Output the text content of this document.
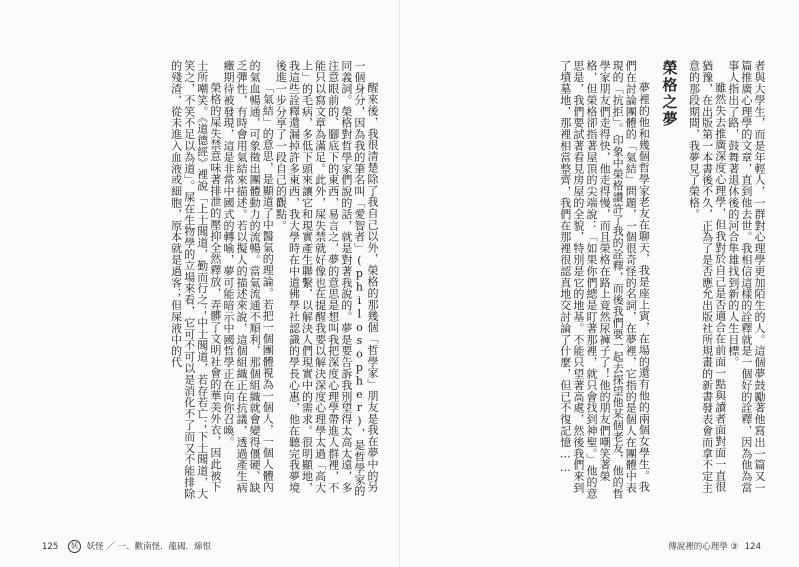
醒來後，我很清楚除了我自己以外，榮格的那幾個「哲學家」朋友是我在夢中的另一個身分，因為我的筆名叫「愛智者」(philosopher)，是哲學家的同義詞。榮格對哲學家們說的話，就是對著我說的。夢是要告訴我別望得太高太遠，多注意眼前的、腳底下的東西，易言之，夢的意思是想叫我把深度心理學帶進人群裡，不能只以寫文章為滿足。此外，屎失禁就好像也在提醒我要以解決深度心理學太過「高大上」的毛病，多低下頭來讓它和現實產生聯繫，以解決人們現實中的需求。很明顯地，我這些詮釋還漏掉許多東西，我大學時在中道佛學社認識的學長心惠，他在聽完我夢境後進一步分享了一段自己的觀點。

「氣結」的意思，是顯道了中醫氣的理論。若把一個團體視為一個人，一個人體內的氣血暢通，可象徵出團體動力的流暢。當氣流通不順利，那個組織就會變得僵硬、缺乏彈性，有時會用氣結來描述。若以擬人的描述來說，這個組織正在抗議，透過產生病癥期待被發現，這是非常中國式的轉喻，夢可能暗示中國哲學正在向你召喚。

榮格的屎失禁意味著排泄的壓抑全然釋放，弄髒了文明社會的華美外衣，因此被下士所嘲笑。《道德經》裡說「上士聞道，勤而行之；中士聞道，若存若亡；下士聞道，大笑之，不笑不足以為道」。屎在生物學的立場來看，它可不可以是消化不了而又不能排除的殘渣，從未進入血液或細胞，原本就是過客；但屎液中的代

125 妖 妖怪 ／ 一、歡南怪．龍碣．綿恨

者與大學生，而是年輕人，一群對心理學更加陌生的人。這個夢鼓勵著他寫出一篇又一篇推廣心理學的文章，直到他去世。我相信這樣的詮釋就是一個好的詮釋，因為他為當事人指出了路，鼓舞著退休後的河合隼雄找到新的人生目標。

雖然失去推廣深度心理學，但我對於自己是否適合在前面一點與讀者面對面一直很猶豫，在出版第一本書後不久，正為了是否應允出版社所規畫的新書發表會而拿不定主意的那段期間，我夢見了榮格。

榮格之夢

夢裡的他和幾個哲學家老友在聊天，我是座上賓，在場的還有他的兩個女學生。我們在討論團體的「氣結」問題，一個很奇怪的名詞，在夢裡，它指的是個人在團體中表現的「抗拒」。印象中榮格讚許了我的詮釋，而後我們要一起去探望他某個老友，他的哲學家朋友們走得快，他走得慢，而且榮格在路上竟然尿褲子了！他的朋友們嘲笑著榮格，但榮格卻指著屋頂的尖端說：「如果你們總是盯著那裡，就只會找到神聖。」他的意思是，我們要試著看見房屋的全貌，特別是它的地基。不能只望著高處，然後我們來到了墳墓地，那裡相當整齊，我們在那裡很認真地交討論了什麼，但已不復記憶……

傳說裡的心理學 ③ 124
